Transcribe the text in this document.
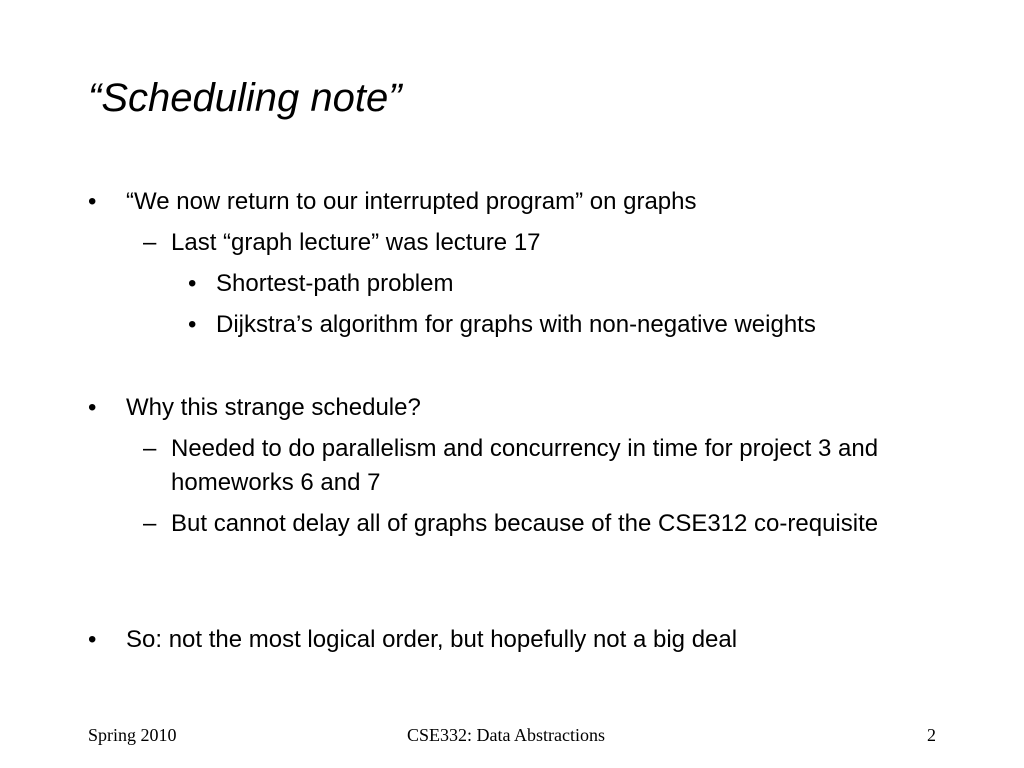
“Scheduling note”
• “We now return to our interrupted program” on graphs
– Last “graph lecture” was lecture 17
• Shortest-path problem
• Dijkstra’s algorithm for graphs with non-negative weights
• Why this strange schedule?
– Needed to do parallelism and concurrency in time for project 3 and homeworks 6 and 7
– But cannot delay all of graphs because of the CSE312 co-requisite
• So: not the most logical order, but hopefully not a big deal
Spring 2010	CSE332: Data Abstractions	2
